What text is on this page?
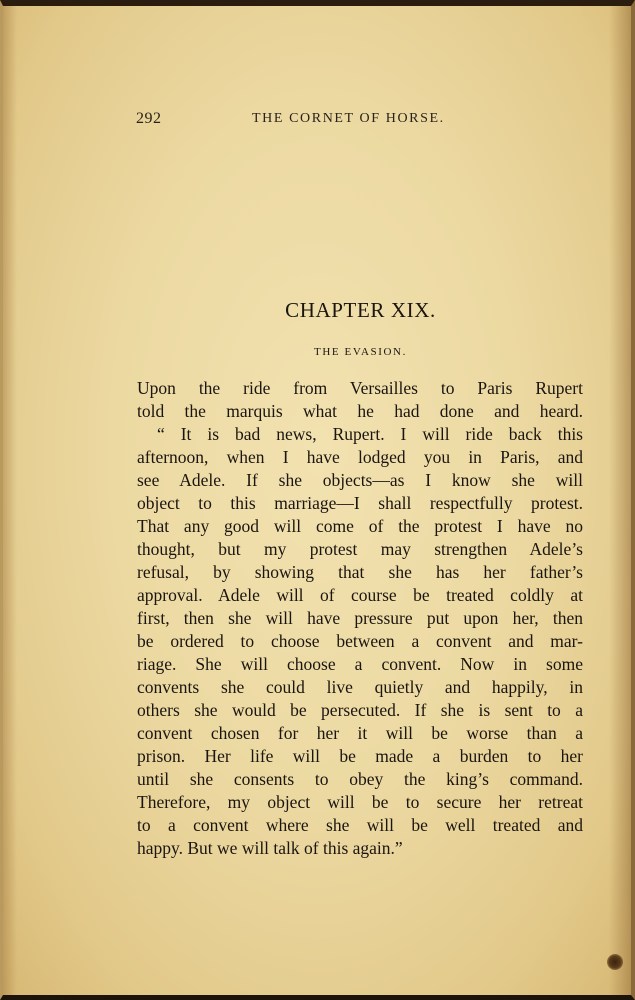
292	THE CORNET OF HORSE.
CHAPTER XIX.
THE EVASION.
Upon the ride from Versailles to Paris Rupert
told the marquis what he had done and heard.
“ It is bad news, Rupert. I will ride back this
afternoon, when I have lodged you in Paris, and
see Adele. If she objects—as I know she will
object to this marriage—I shall respectfully protest.
That any good will come of the protest I have no
thought, but my protest may strengthen Adele’s
refusal, by showing that she has her father’s
approval. Adele will of course be treated coldly at
first, then she will have pressure put upon her, then
be ordered to choose between a convent and mar-
riage. She will choose a convent. Now in some
convents she could live quietly and happily, in
others she would be persecuted. If she is sent to a
convent chosen for her it will be worse than a
prison. Her life will be made a burden to her
until she consents to obey the king’s command.
Therefore, my object will be to secure her retreat
to a convent where she will be well treated and
happy. But we will talk of this again.”
